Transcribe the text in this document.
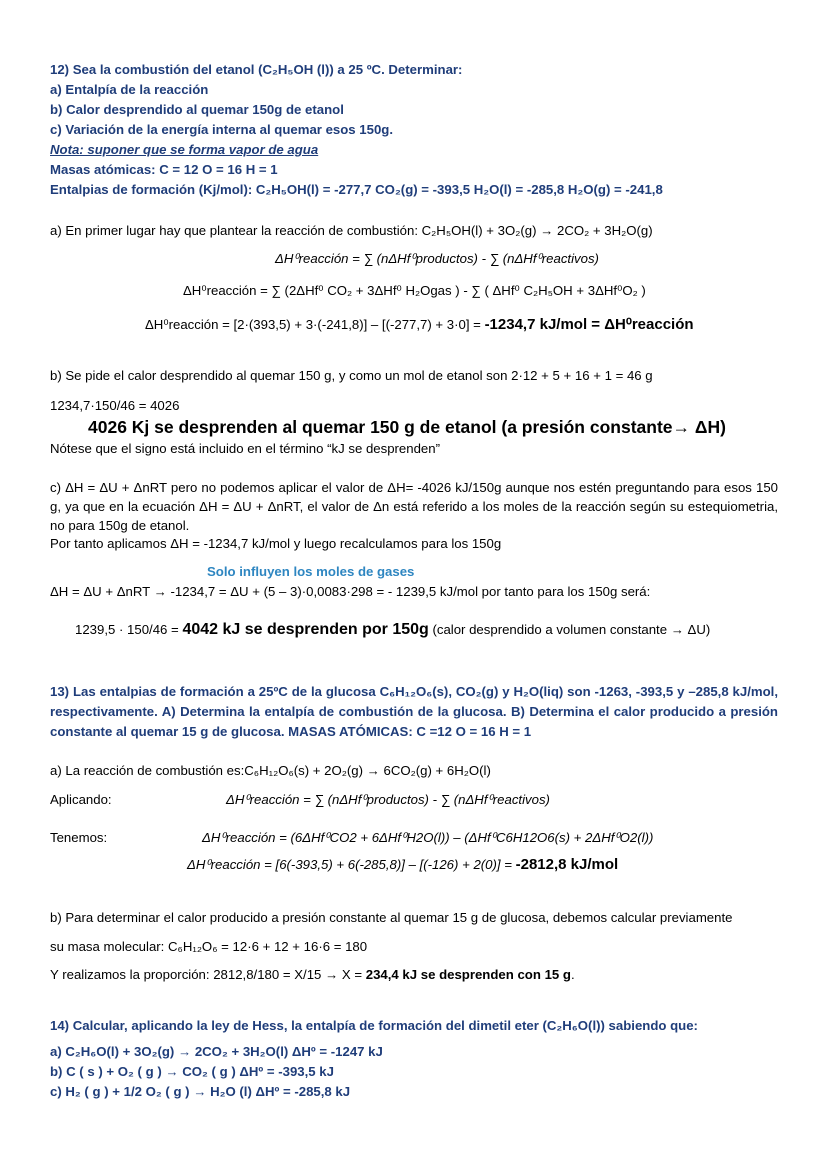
12) Sea la combustión del etanol (C₂H₅OH (l)) a 25 ºC. Determinar:
a) Entalpía de la reacción
b) Calor desprendido al quemar 150g de etanol
c) Variación de la energía interna al quemar esos 150g.
Nota: suponer que se forma vapor de agua
Masas atómicas: C = 12 O = 16 H = 1
Entalpias de formación (Kj/mol): C₂H₅OH(l) = -277,7 CO₂(g) = -393,5 H₂O(l) = -285,8 H₂O(g) = -241,8
a) En primer lugar hay que plantear la reacción de combustión: C₂H₅OH(l) + 3O₂(g) → 2CO₂ + 3H₂O(g)
ΔH⁰reacción = ∑ (nΔHf⁰productos) - ∑ (nΔHf⁰reactivos)
ΔH⁰reacción = ∑ (2ΔHf⁰ CO₂ + 3ΔHf⁰ H₂Ogas ) - ∑ ( ΔHf⁰ C₂H₅OH + 3ΔHf⁰O₂ )
ΔH⁰reacción = [2·(393,5) + 3·(-241,8)] – [(-277,7) + 3·0] = -1234,7 kJ/mol = ΔH⁰reacción
b) Se pide el calor desprendido al quemar 150 g, y como un mol de etanol son 2·12 + 5 + 16 + 1 = 46 g
1234,7·150/46 = 4026
4026 Kj se desprenden al quemar 150 g de etanol (a presión constante→ ΔH)
Nótese que el signo está incluido en el término “kJ se desprenden”
c) ΔH = ΔU + ΔnRT pero no podemos aplicar el valor de ΔH= -4026 kJ/150g aunque nos estén preguntando para esos 150 g, ya que en la ecuación ΔH = ΔU + ΔnRT, el valor de Δn está referido a los moles de la reacción según su estequiometria, no para 150g de etanol.
Por tanto aplicamos ΔH = -1234,7 kJ/mol y luego recalculamos para los 150g
Solo influyen los moles de gases
ΔH = ΔU + ΔnRT → -1234,7 = ΔU + (5 – 3)·0,0083·298 = - 1239,5 kJ/mol por tanto para los 150g será:
1239,5 · 150/46 = 4042 kJ se desprenden por 150g (calor desprendido a volumen constante → ΔU)
13) Las entalpias de formación a 25ºC de la glucosa C₆H₁₂O₆(s), CO₂(g) y H₂O(liq) son -1263, -393,5 y –285,8 kJ/mol, respectivamente. A) Determina la entalpía de combustión de la glucosa. B) Determina el calor producido a presión constante al quemar 15 g de glucosa. MASAS ATÓMICAS: C =12 O = 16 H = 1
a) La reacción de combustión es:C₆H₁₂O₆(s) + 2O₂(g) → 6CO₂(g) + 6H₂O(l)
Aplicando:	ΔH⁰reacción = ∑ (nΔHf⁰productos) - ∑ (nΔHf⁰reactivos)
Tenemos:	ΔH⁰reacción = (6ΔHf⁰CO2 + 6ΔHf⁰H2O(l)) – (ΔHf⁰C6H12O6(s) + 2ΔHf⁰O2(l))
ΔH⁰reacción = [6(-393,5) + 6(-285,8)] – [(-126) + 2(0)] = -2812,8 kJ/mol
b) Para determinar el calor producido a presión constante al quemar 15 g de glucosa, debemos calcular previamente
su masa molecular: C₆H₁₂O₆ = 12·6 + 12 + 16·6 = 180
Y realizamos la proporción: 2812,8/180 = X/15 → X = 234,4 kJ se desprenden con 15 g.
14) Calcular, aplicando la ley de Hess, la entalpía de formación del dimetil eter (C₂H₆O(l)) sabiendo que:
a) C₂H₆O(l) + 3O₂(g) → 2CO₂ + 3H₂O(l) ΔHº = -1247 kJ
b) C ( s ) + O₂ ( g ) → CO₂ ( g ) ΔHº = -393,5 kJ
c) H₂ ( g ) + 1/2 O₂ ( g ) → H₂O (l) ΔHº = -285,8 kJ
